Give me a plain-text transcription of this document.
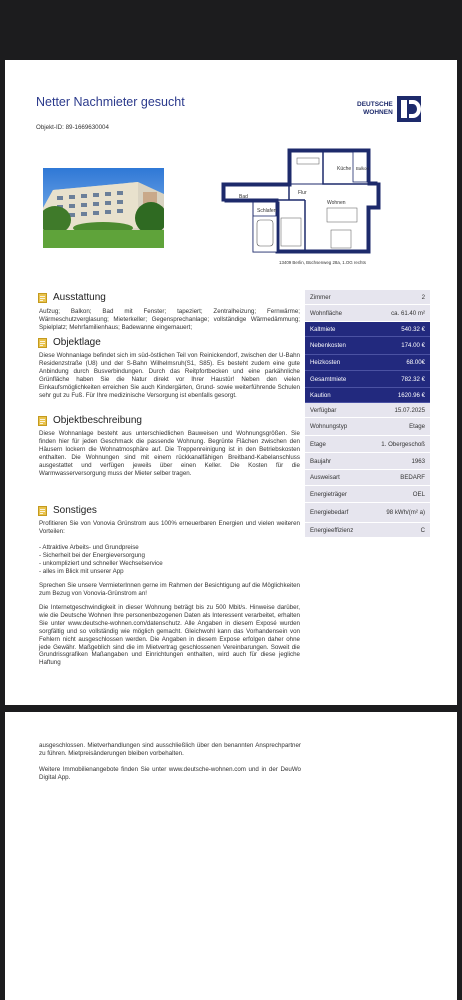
Netter Nachmieter gesucht
Objekt-ID: 89-1669630004
DEUTSCHE
WOHNEN
Küche Balkon
Flur
Bad
Wohnen
Schlafen
13409 Berlin, Büchsenweg 28a, 1.OG rechts
Ausstattung
Aufzug; Balkon; Bad mit Fenster; tapeziert; Zentralheizung; Fernwärme; Wärmeschutzverglasung; Mieterkeller; Gegensprechanlage; vollständige Wärmedämmung; Spielplatz; Mehrfamilienhaus; Badewanne eingemauert;
Objektlage
Diese Wohnanlage befindet sich im süd-östlichen Teil von Reinickendorf, zwischen der U-Bahn Residenzstraße (U8) und der S-Bahn Wilhelmsruh(S1, S85). Es besteht zudem eine gute Anbindung durch Busverbindungen. Durch das Reitpfortbecken und eine parkähnliche Grünfläche haben Sie die Natur direkt vor Ihrer Haustür! Neben den vielen Einkaufsmöglichkeiten erreichen Sie auch Kindergärten, Grund- sowie weiterführende Schulen sehr gut zu Fuß. Für Ihre medizinische Versorgung ist ebenfalls gesorgt.
Objektbeschreibung
Diese Wohnanlage besteht aus unterschiedlichen Bauweisen und Wohnungsgrößen. Sie finden hier für jeden Geschmack die passende Wohnung. Begrünte Flächen zwischen den Häusern lockern die Wohnatmosphäre auf. Die Treppenreinigung ist in den Betriebskosten enthalten. Die Wohnungen sind mit einem rückkanalfähigen Breitband-Kabelanschluss ausgestattet und verfügen jeweils über einen Keller. Die Kosten für die Warmwasserversorgung muss der Mieter selber tragen.
Sonstiges
Profitieren Sie von Vonovia Grünstrom aus 100% erneuerbaren Energien und vielen weiteren Vorteilen:
- Attraktive Arbeits- und Grundpreise
- Sicherheit bei der Energieversorgung
- unkompliziert und schneller Wechselservice
- alles im Blick mit unserer App
Sprechen Sie unsere VermieterInnen gerne im Rahmen der Besichtigung auf die Möglichkeiten zum Bezug von Vonovia-Grünstrom an!
Die Internetgeschwindigkeit in dieser Wohnung beträgt bis zu 500 Mbit/s. Hinweise darüber, wie die Deutsche Wohnen Ihre personenbezogenen Daten als Interessent verarbeitet, erhalten Sie unter www.deutsche-wohnen.com/datenschutz. Alle Angaben in diesem Exposé wurden sorgfältig und so vollständig wie möglich gemacht. Gleichwohl kann das Vorhandensein von Fehlern nicht ausgeschlossen werden. Die Angaben in diesem Expose erfolgen daher ohne jede Gewähr. Maßgeblich sind die im Mietvertrag geschlossenen Vereinbarungen. Soweit die Grundrissgrafiken Maßangaben und Einrichtungen enthalten, wird auch für diese jegliche Haftung
Zimmer	2
Wohnfläche	ca. 61.40 m²
Kaltmiete	540.32 €
Nebenkosten	174.00 €
Heizkosten	68.00€
Gesamtmiete	782.32 €
Kaution	1620.96 €
Verfügbar	15.07.2025
Wohnungstyp	Etage
Etage	1. Obergeschoß
Baujahr	1963
Ausweisart	BEDARF
Energieträger	OEL
Energiebedarf	98 kWh/(m² a)
Energieeffizienz	C
ausgeschlossen. Mietverhandlungen sind ausschließlich über den benannten Ansprechpartner zu führen. Mietpreisänderungen bleiben vorbehalten.
Weitere Immobilienangebote finden Sie unter www.deutsche-wohnen.com und in der DeuWo Digital App.
